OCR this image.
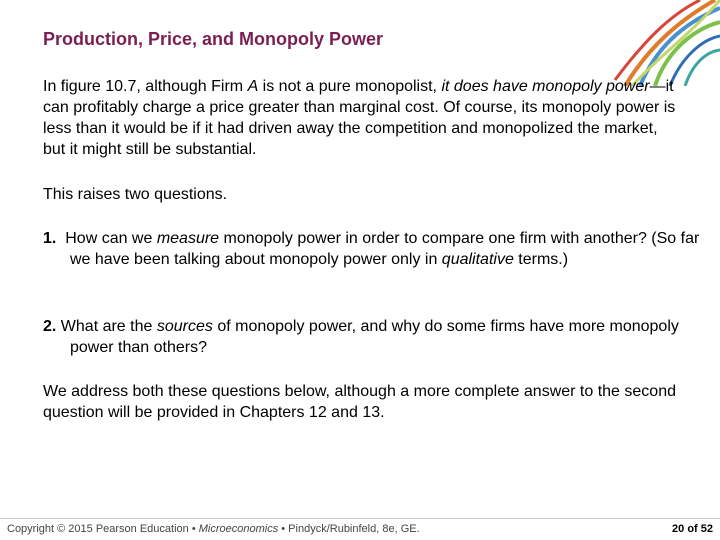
Production, Price, and Monopoly Power
In figure 10.7, although Firm A is not a pure monopolist, it does have monopoly power—it can profitably charge a price greater than marginal cost. Of course, its monopoly power is less than it would be if it had driven away the competition and monopolized the market, but it might still be substantial.
This raises two questions.
1.  How can we measure monopoly power in order to compare one firm with another? (So far we have been talking about monopoly power only in qualitative terms.)
2. What are the sources of monopoly power, and why do some firms have more monopoly power than others?
We address both these questions below, although a more complete answer to the second question will be provided in Chapters 12 and 13.
Copyright © 2015 Pearson Education • Microeconomics • Pindyck/Rubinfeld, 8e, GE.	20 of 52
